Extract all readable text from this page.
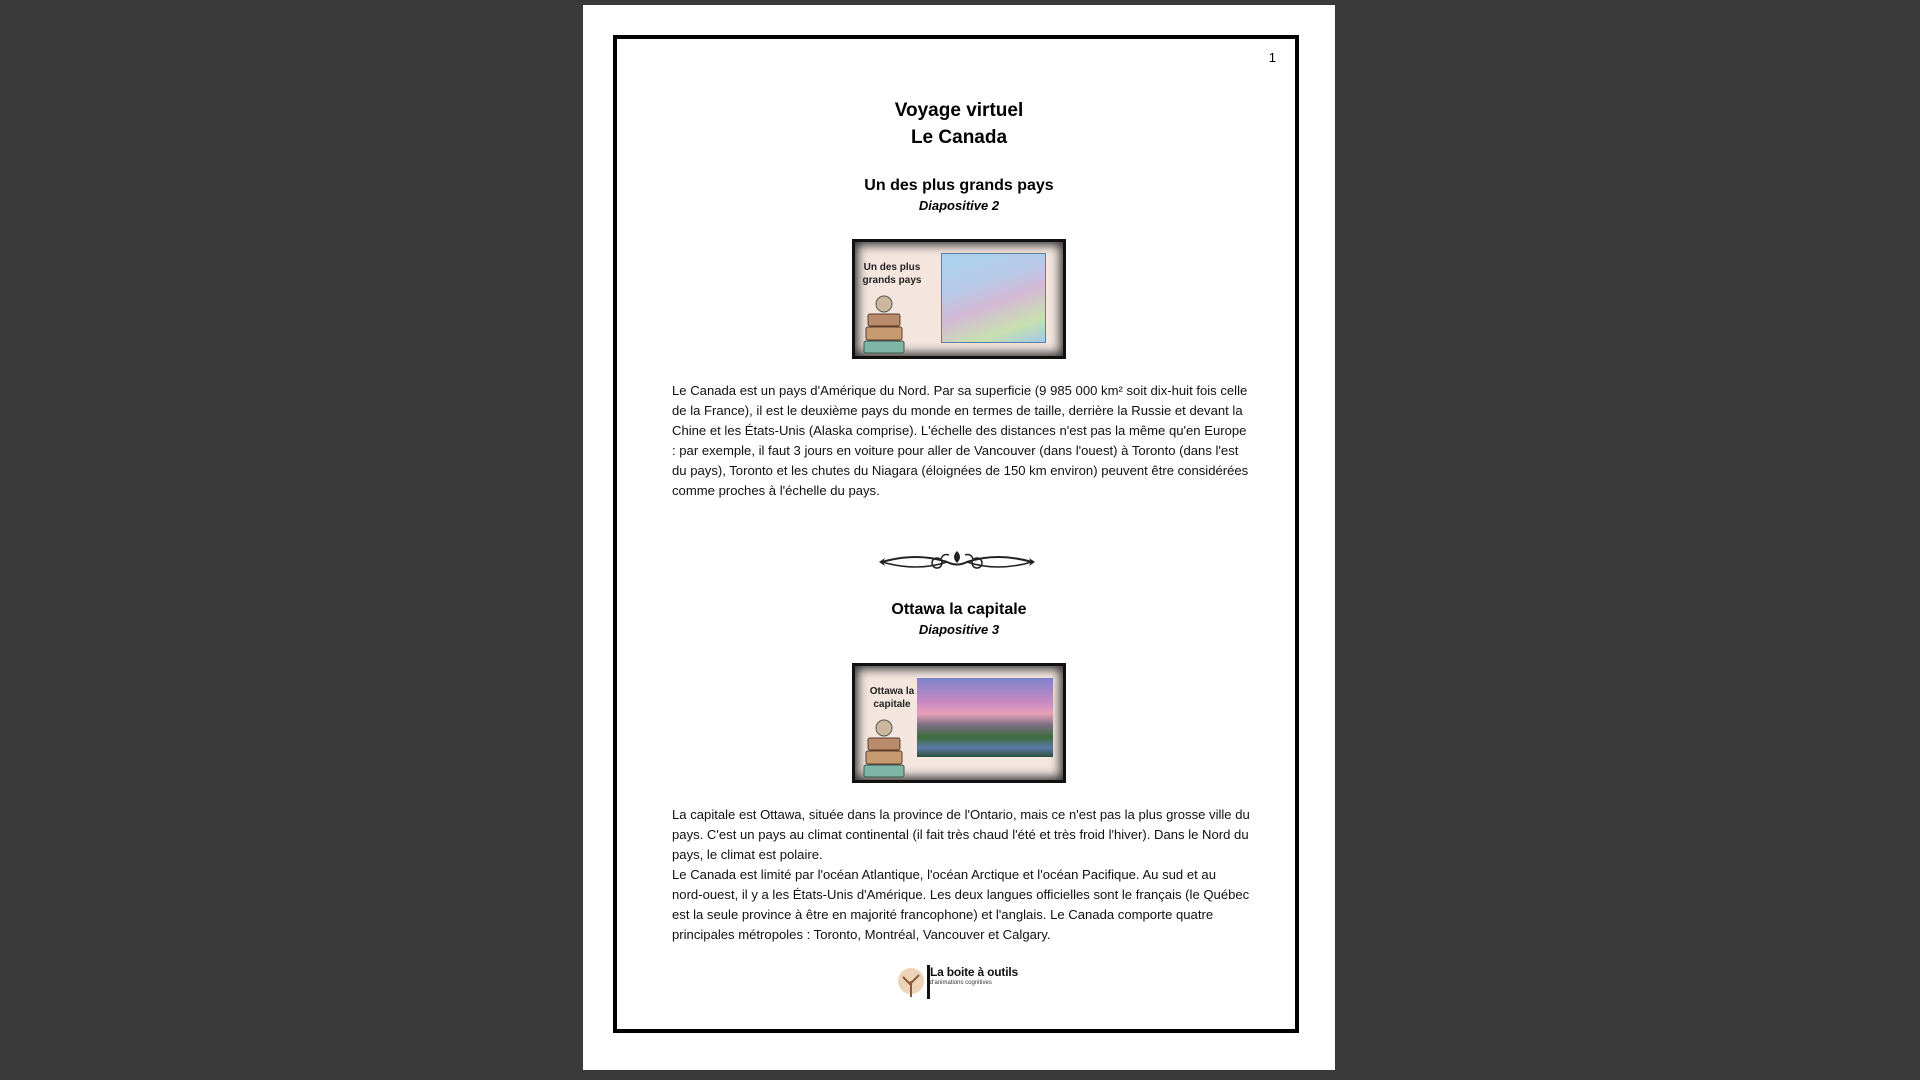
1
Voyage virtuel
Le Canada
Un des plus grands pays
Diapositive 2
Un des plus grands pays
Le Canada est un pays d'Amérique du Nord. Par sa superficie (9 985 000 km² soit dix-huit fois celle de la France), il est le deuxième pays du monde en termes de taille, derrière la Russie et devant la Chine et les États-Unis (Alaska comprise). L'échelle des distances n'est pas la même qu'en Europe : par exemple, il faut 3 jours en voiture pour aller de Vancouver (dans l'ouest) à Toronto (dans l'est du pays), Toronto et les chutes du Niagara (éloignées de 150 km environ) peuvent être considérées comme proches à l'échelle du pays.
Ottawa la capitale
Diapositive 3
Ottawa la capitale
La capitale est Ottawa, située dans la province de l'Ontario, mais ce n'est pas la plus grosse ville du pays. C'est un pays au climat continental (il fait très chaud l'été et très froid l'hiver). Dans le Nord du pays, le climat est polaire.
Le Canada est limité par l'océan Atlantique, l'océan Arctique et l'océan Pacifique. Au sud et au nord-ouest, il y a les États-Unis d'Amérique. Les deux langues officielles sont le français (le Québec est la seule province à être en majorité francophone) et l'anglais. Le Canada comporte quatre principales métropoles : Toronto, Montréal, Vancouver et Calgary.
La boite à outils
d'animations cognitives
